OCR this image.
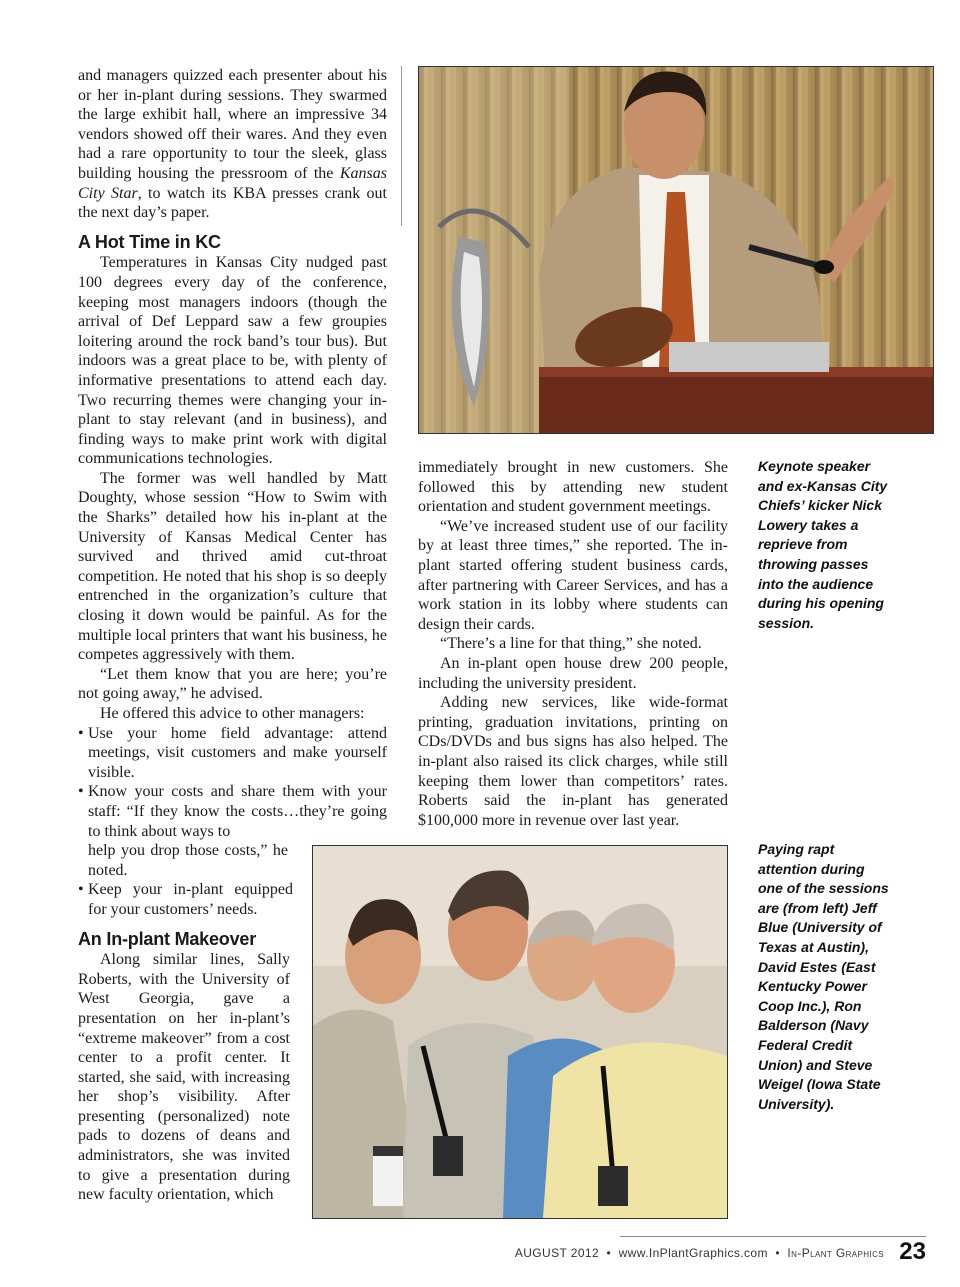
and managers quizzed each presenter about his or her in-plant during sessions. They swarmed the large exhibit hall, where an impressive 34 vendors showed off their wares. And they even had a rare opportunity to tour the sleek, glass building housing the pressroom of the Kansas City Star, to watch its KBA presses crank out the next day’s paper.

A Hot Time in KC

Temperatures in Kansas City nudged past 100 degrees every day of the conference, keeping most managers indoors (though the arrival of Def Leppard saw a few groupies loitering around the rock band’s tour bus). But indoors was a great place to be, with plenty of informative presentations to attend each day. Two recurring themes were changing your in-plant to stay relevant (and in business), and finding ways to make print work with digital communications technologies.

The former was well handled by Matt Doughty, whose session “How to Swim with the Sharks” detailed how his in-plant at the University of Kansas Medical Center has survived and thrived amid cut-throat competition. He noted that his shop is so deeply entrenched in the organization’s culture that closing it down would be painful. As for the multiple local printers that want his business, he competes aggressively with them.

“Let them know that you are here; you’re not going away,” he advised.

He offered this advice to other managers:

• Use your home field advantage: attend meetings, visit customers and make yourself visible.
• Know your costs and share them with your staff: “If they know the costs…they’re going to think about ways to
help you drop those costs,” he noted.
• Keep your in-plant equipped for your customers’ needs.
An In-plant Makeover

Along similar lines, Sally Roberts, with the University of West Georgia, gave a presentation on her in-plant’s “extreme makeover” from a cost center to a profit center. It started, she said, with increasing her shop’s visibility. After presenting (personalized) note pads to dozens of deans and administrators, she was invited to give a presentation during new faculty orientation, which

immediately brought in new customers. She followed this by attending new student orientation and student government meetings.

“We’ve increased student use of our facility by at least three times,” she reported. The in-plant started offering student business cards, after partnering with Career Services, and has a work station in its lobby where students can design their cards.

“There’s a line for that thing,” she noted.

An in-plant open house drew 200 people, including the university president.

Adding new services, like wide-format printing, graduation invitations, printing on CDs/DVDs and bus signs has also helped. The in-plant also raised its click charges, while still keeping them lower than competitors’ rates. Roberts said the in-plant has generated $100,000 more in revenue over last year.

Keynote speaker and ex-Kansas City Chiefs’ kicker Nick Lowery takes a reprieve from throwing passes into the audience during his opening session.
Paying rapt attention during one of the sessions are (from left) Jeff Blue (University of Texas at Austin), David Estes (East Kentucky Power Coop Inc.), Ron Balderson (Navy Federal Credit Union) and Steve Weigel (Iowa State University).
AUGUST 2012 • www.InPlantGraphics.com • In-Plant Graphics 23
